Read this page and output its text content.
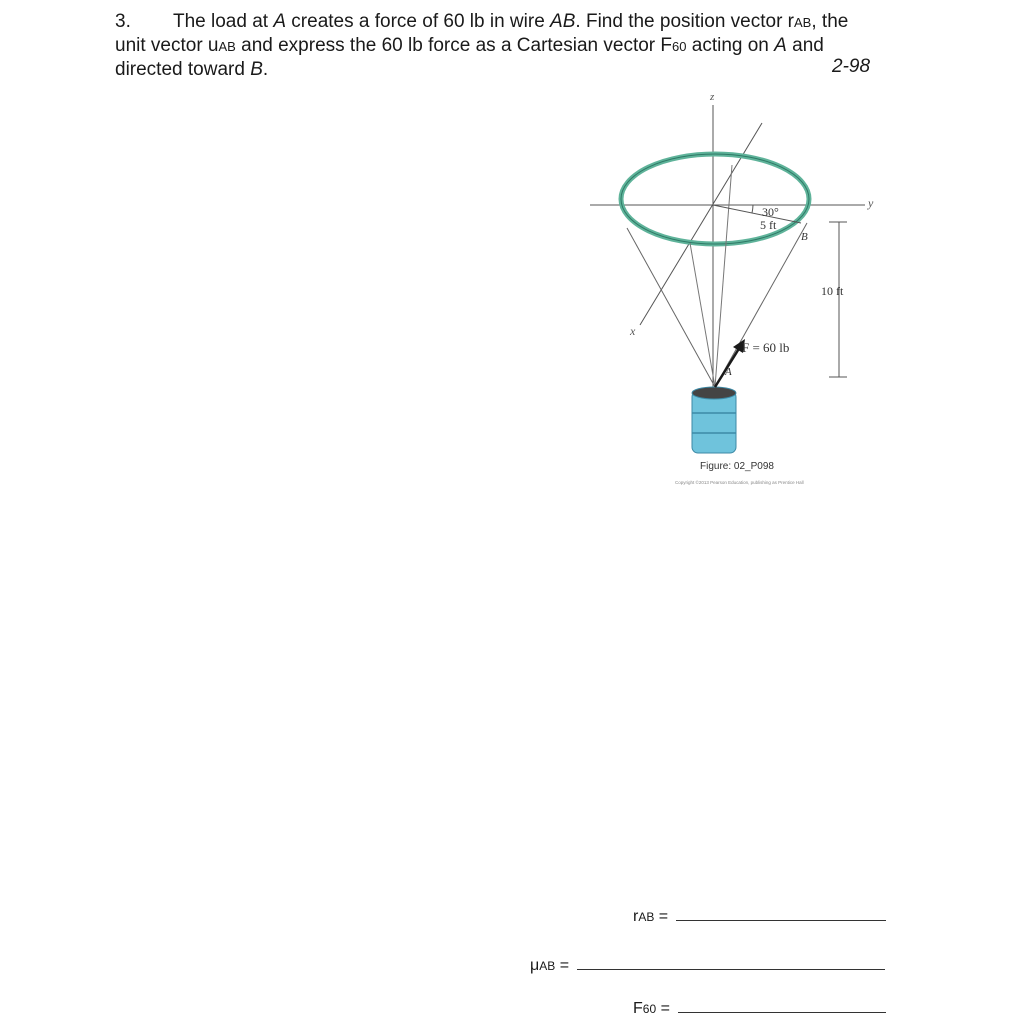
3. The load at A creates a force of 60 lb in wire AB. Find the position vector rAB, the unit vector uAB and express the 60 lb force as a Cartesian vector F60 acting on A and directed toward B.	2-98
z
y
x
30°
5 ft
B
10 ft
F = 60 lb
A
Figure: 02_P098
Copyright ©2013 Pearson Education, publishing as Prentice Hall
rAB =
μAB =
F60 =
